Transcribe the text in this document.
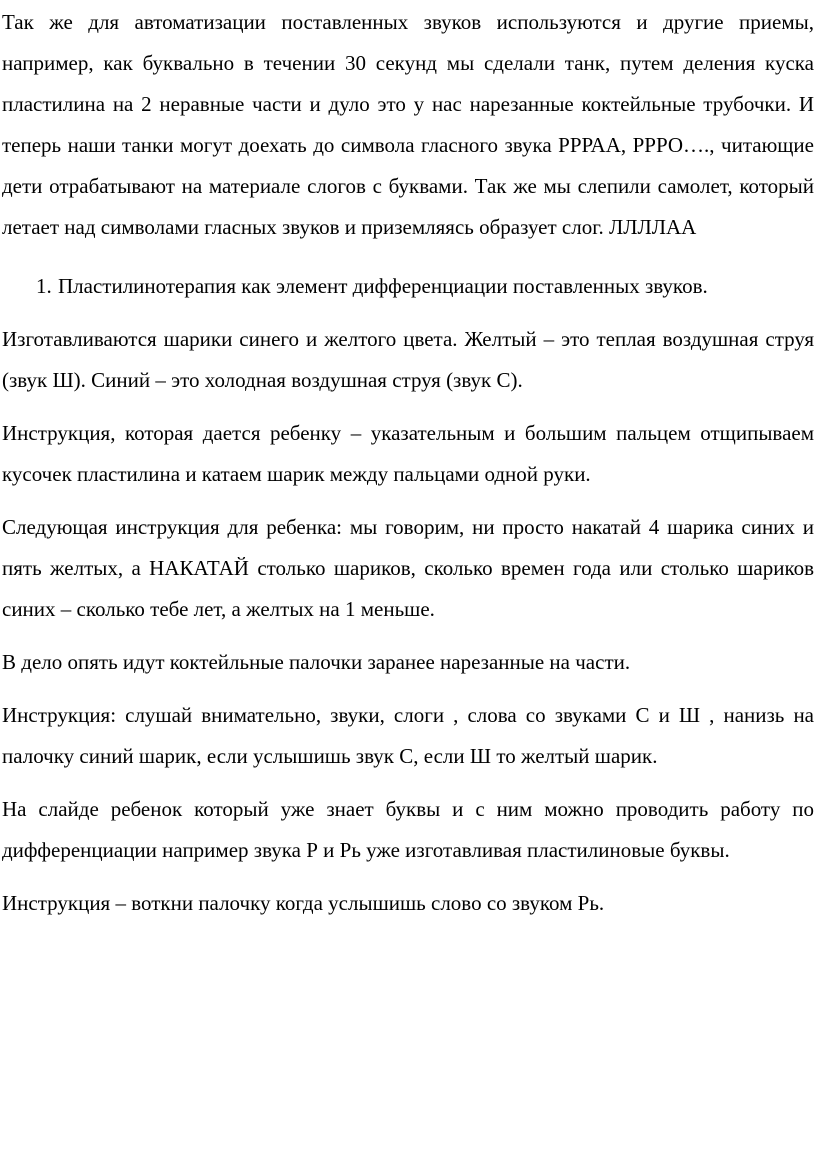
Так же для автоматизации поставленных звуков используются и другие приемы, например, как буквально в течении 30 секунд мы сделали танк, путем деления куска пластилина на 2 неравные части и дуло это у нас нарезанные коктейльные трубочки. И теперь наши танки могут доехать до символа гласного звука РРРАА, РРРО…., читающие дети отрабатывают на материале слогов с буквами. Так же мы слепили самолет, который летает над символами гласных звуков и приземляясь образует слог. ЛЛЛЛАА

1. Пластилинотерапия как элемент дифференциации поставленных звуков.

Изготавливаются шарики синего и желтого цвета. Желтый – это теплая воздушная струя (звук Ш). Синий – это холодная воздушная струя (звук С).

Инструкция, которая дается ребенку – указательным и большим пальцем отщипываем кусочек пластилина и катаем шарик между пальцами одной руки.

Следующая инструкция для ребенка: мы говорим, ни просто накатай 4 шарика синих и пять желтых, а НАКАТАЙ столько шариков, сколько времен года или столько шариков синих – сколько тебе лет, а желтых на 1 меньше.

В дело опять идут коктейльные палочки заранее нарезанные на части.

Инструкция: слушай внимательно, звуки, слоги , слова со звуками С и Ш , нанизь на палочку синий шарик, если услышишь звук С, если Ш то желтый шарик.

На слайде ребенок который уже знает буквы и с ним можно проводить работу по дифференциации например звука Р и Рь уже изготавливая пластилиновые буквы.

Инструкция – воткни палочку когда услышишь слово со звуком Рь.
